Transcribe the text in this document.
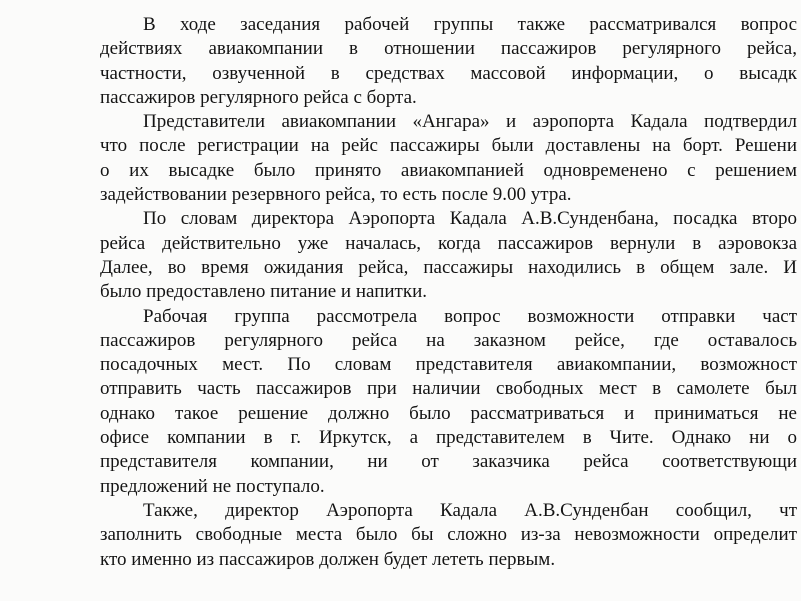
В ходе заседания рабочей группы также рассматривался вопрос
действиях авиакомпании в отношении пассажиров регулярного рейса,
частности, озвученной в средствах массовой информации, о высадк
пассажиров регулярного рейса с борта.
Представители авиакомпании «Ангара» и аэропорта Кадала подтвердил
что после регистрации на рейс пассажиры были доставлены на борт. Решени
о их высадке было принято авиакомпанией одновременено с решением
задействовании резервного рейса, то есть после 9.00 утра.
По словам директора Аэропорта Кадала А.В.Сунденбана, посадка второ
рейса действительно уже началась, когда пассажиров вернули в аэровокза
Далее, во время ожидания рейса, пассажиры находились в общем зале. И
было предоставлено питание и напитки.
Рабочая группа рассмотрела вопрос возможности отправки част
пассажиров регулярного рейса на заказном рейсе, где оставалось
посадочных мест. По словам представителя авиакомпании, возможност
отправить часть пассажиров при наличии свободных мест в самолете был
однако такое решение должно было рассматриваться и приниматься не
офисе компании в г. Иркутск, а представителем в Чите. Однако ни о
представителя компании, ни от заказчика рейса соответствующи
предложений не поступало.
Также, директор Аэропорта Кадала А.В.Сунденбан сообщил, чт
заполнить свободные места было бы сложно из-за невозможности определит
кто именно из пассажиров должен будет лететь первым.
